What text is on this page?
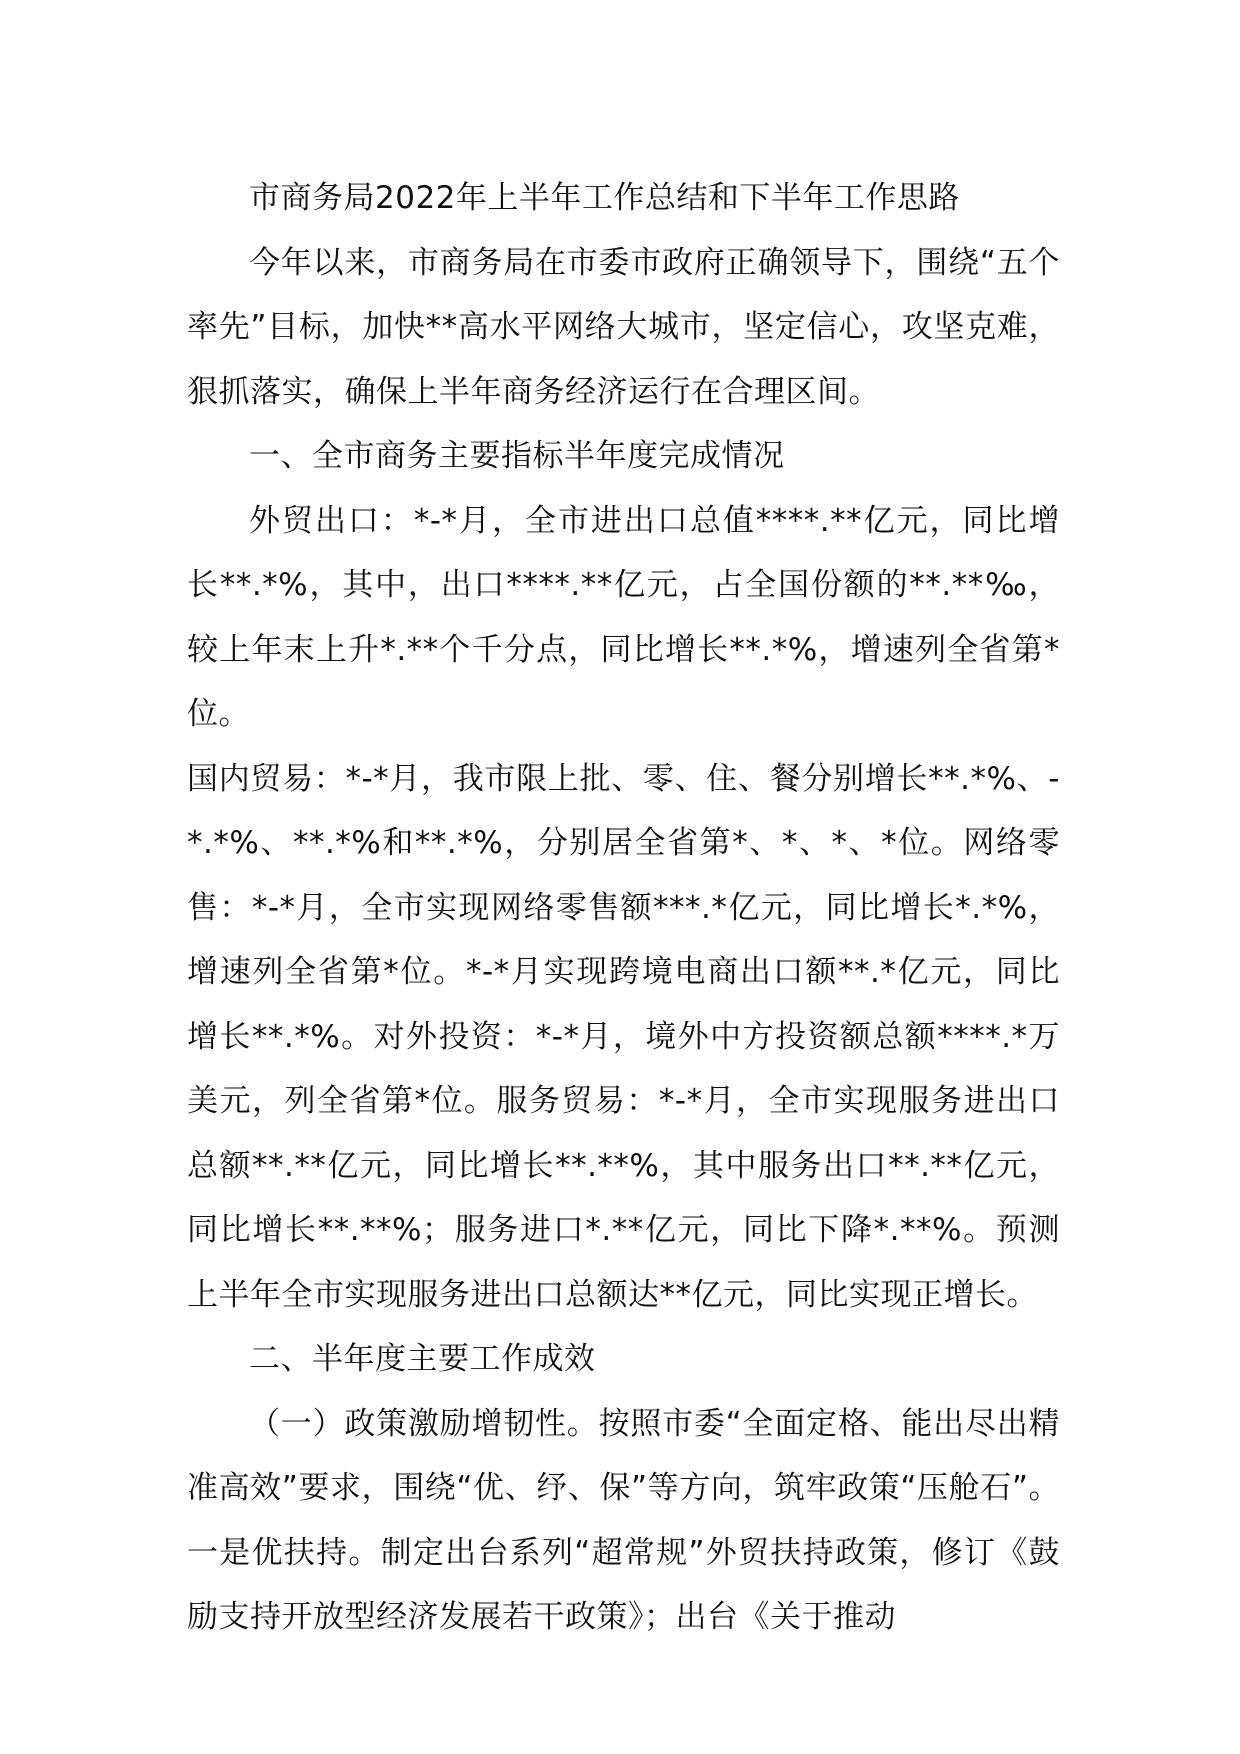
市商务局2022年上半年工作总结和下半年工作思路

今年以来，市商务局在市委市政府正确领导下，围绕“五个率先”目标，加快**高水平网络大城市，坚定信心，攻坚克难，狠抓落实，确保上半年商务经济运行在合理区间。

一、全市商务主要指标半年度完成情况

外贸出口：*-*月，全市进出口总值****.**亿元，同比增长**.*%，其中，出口****.**亿元，占全国份额的**.**‰，较上年末上升*.**个千分点，同比增长**.*%，增速列全省第*位。

国内贸易：*-*月，我市限上批、零、住、餐分别增长**.*%、-*.*%、**.*%和**.*%，分别居全省第*、*、*、*位。网络零售：*-*月，全市实现网络零售额***.*亿元，同比增长*.*%，增速列全省第*位。*-*月实现跨境电商出口额**.*亿元，同比增长**.*%。对外投资：*-*月，境外中方投资额总额****.*万美元，列全省第*位。服务贸易：*-*月，全市实现服务进出口总额**.**亿元，同比增长**.**%，其中服务出口**.**亿元，同比增长**.**%；服务进口*.**亿元，同比下降*.**%。预测上半年全市实现服务进出口总额达**亿元，同比实现正增长。

二、半年度主要工作成效

（一）政策激励增韧性。按照市委“全面定格、能出尽出精准高效”要求，围绕“优、纾、保”等方向，筑牢政策“压舱石”。一是优扶持。制定出台系列“超常规”外贸扶持政策，修订《鼓励支持开放型经济发展若干政策》；出台《关于推动
